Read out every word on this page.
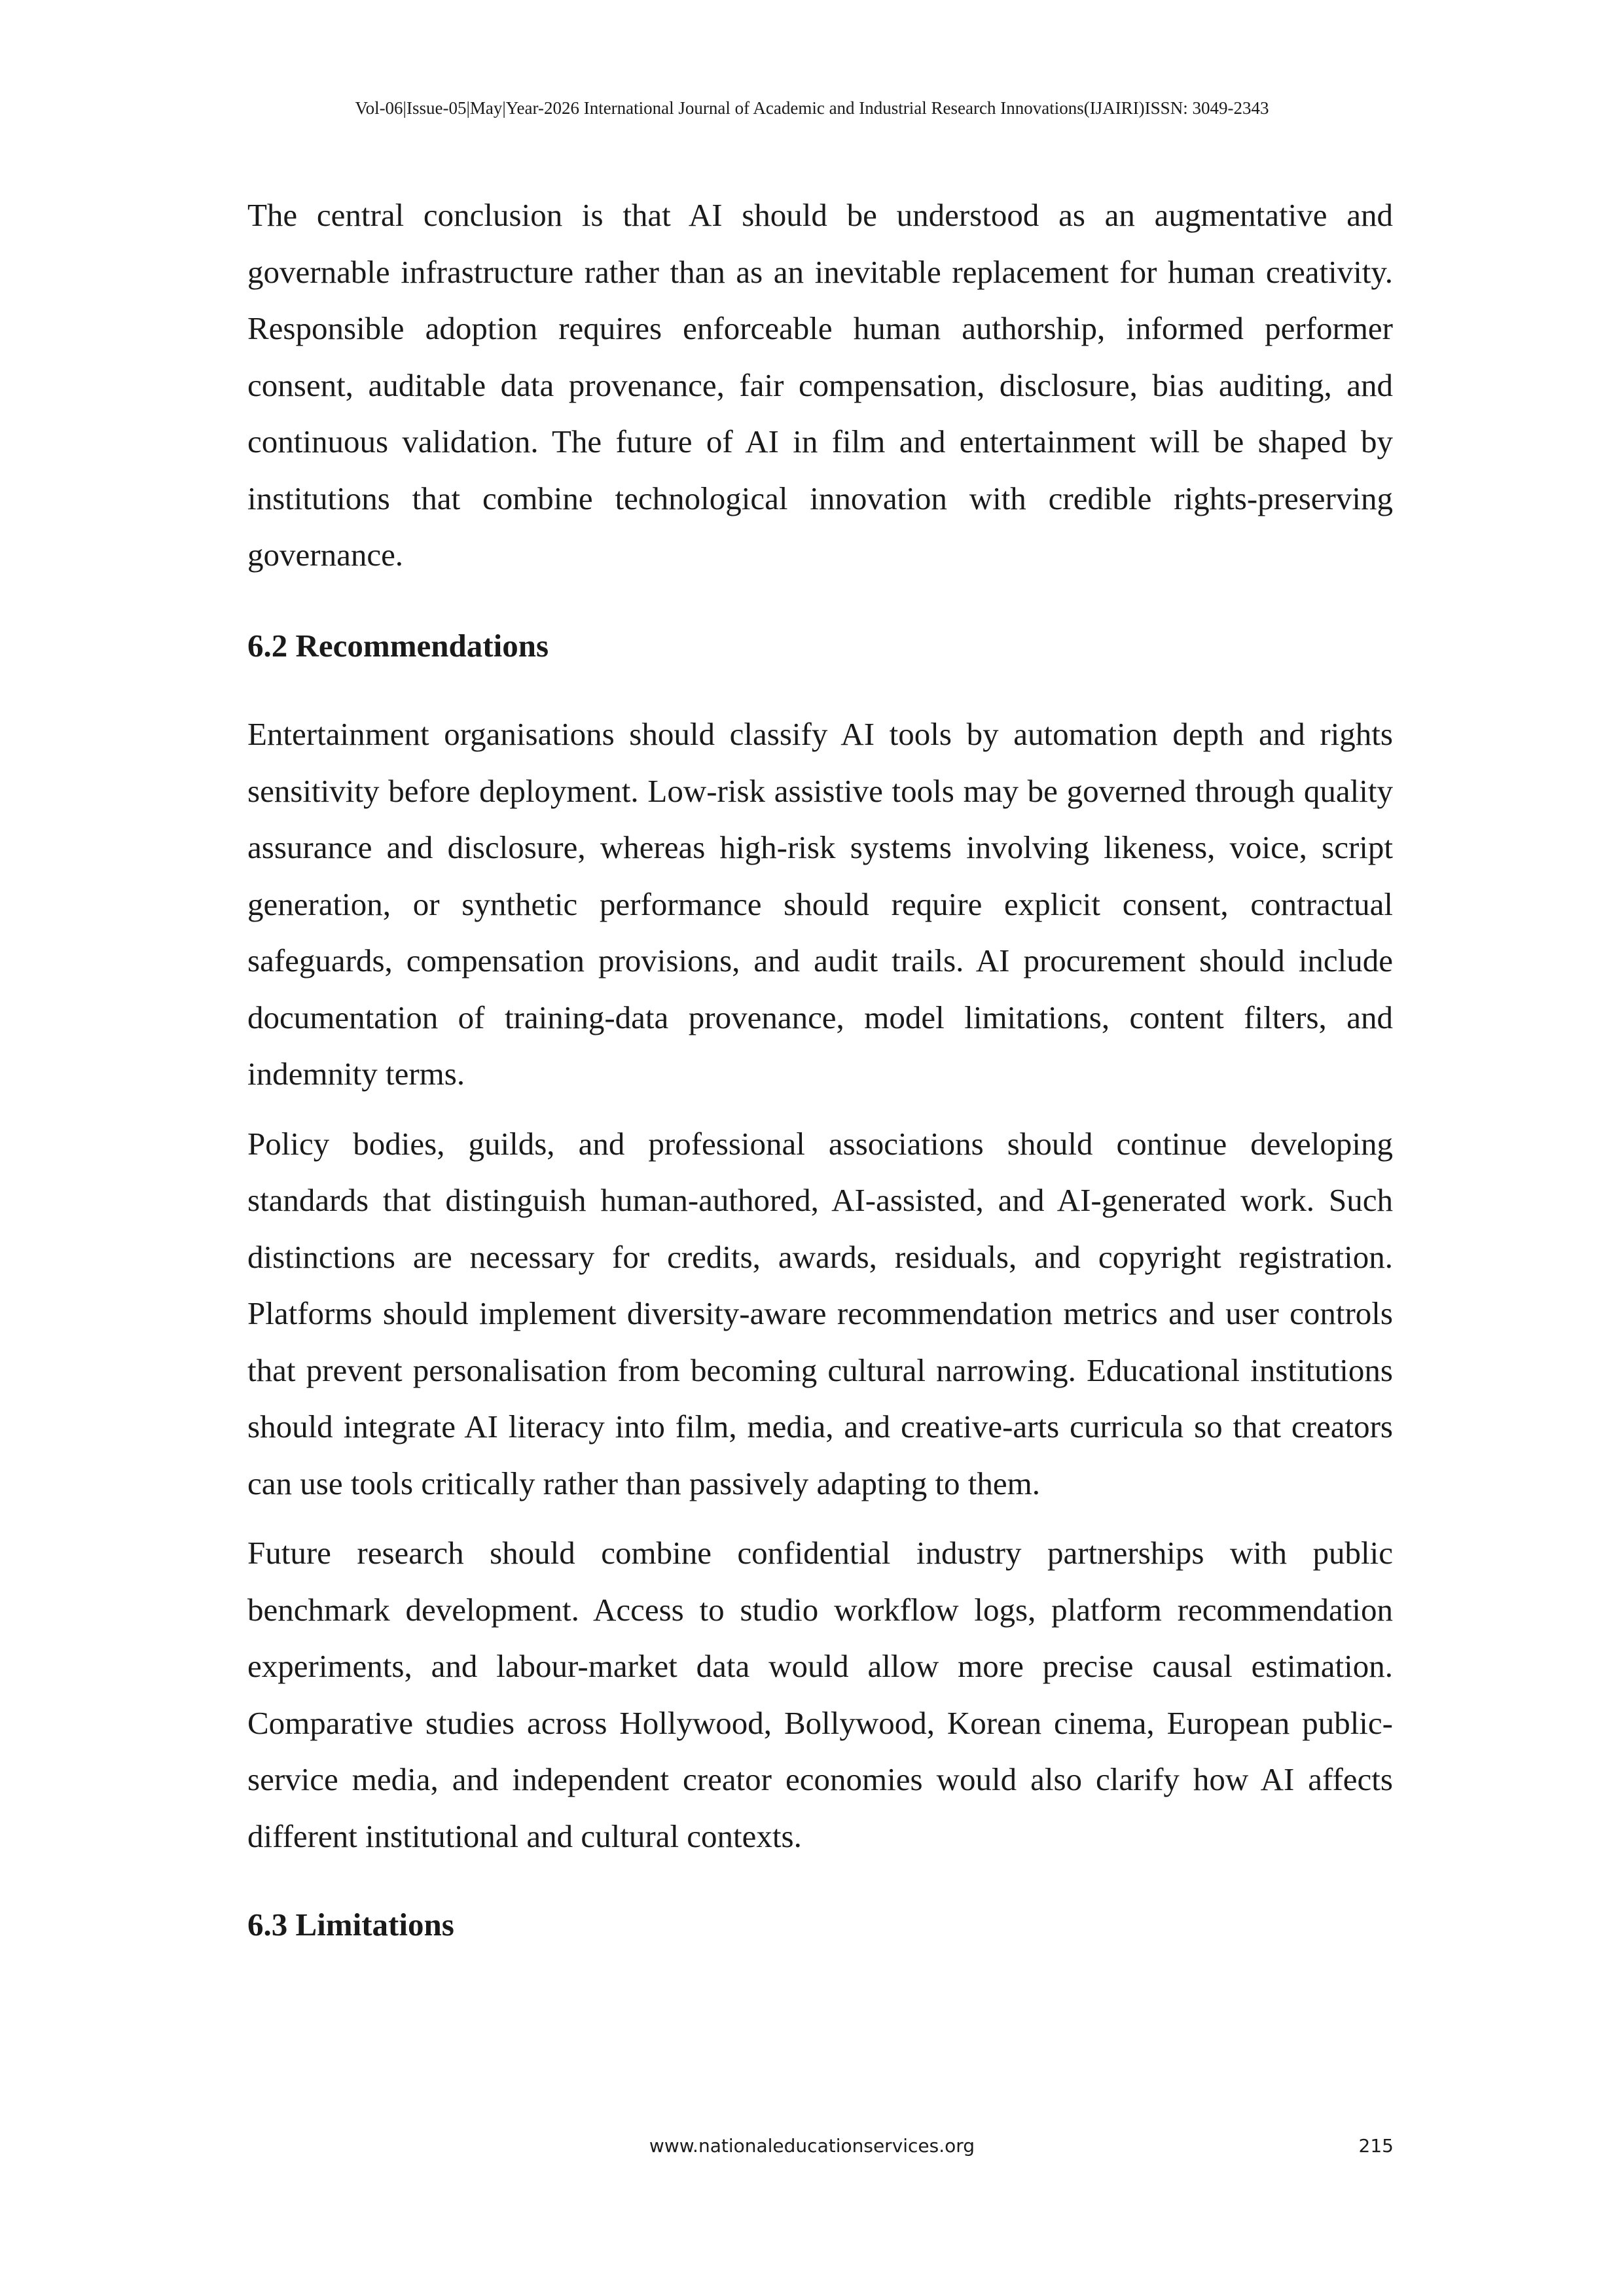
Vol-06|Issue-05|May|Year-2026 International Journal of Academic and Industrial Research Innovations(IJAIRI)ISSN: 3049-2343

The central conclusion is that AI should be understood as an augmentative and governable infrastructure rather than as an inevitable replacement for human creativity. Responsible adoption requires enforceable human authorship, informed performer consent, auditable data provenance, fair compensation, disclosure, bias auditing, and continuous validation. The future of AI in film and entertainment will be shaped by institutions that combine technological innovation with credible rights-preserving governance.

6.2 Recommendations

Entertainment organisations should classify AI tools by automation depth and rights sensitivity before deployment. Low-risk assistive tools may be governed through quality assurance and disclosure, whereas high-risk systems involving likeness, voice, script generation, or synthetic performance should require explicit consent, contractual safeguards, compensation provisions, and audit trails. AI procurement should include documentation of training-data provenance, model limitations, content filters, and indemnity terms.

Policy bodies, guilds, and professional associations should continue developing standards that distinguish human-authored, AI-assisted, and AI-generated work. Such distinctions are necessary for credits, awards, residuals, and copyright registration. Platforms should implement diversity-aware recommendation metrics and user controls that prevent personalisation from becoming cultural narrowing. Educational institutions should integrate AI literacy into film, media, and creative-arts curricula so that creators can use tools critically rather than passively adapting to them.

Future research should combine confidential industry partnerships with public benchmark development. Access to studio workflow logs, platform recommendation experiments, and labour-market data would allow more precise causal estimation. Comparative studies across Hollywood, Bollywood, Korean cinema, European public-service media, and independent creator economies would also clarify how AI affects different institutional and cultural contexts.

6.3 Limitations
www.nationaleducationservices.org	215
